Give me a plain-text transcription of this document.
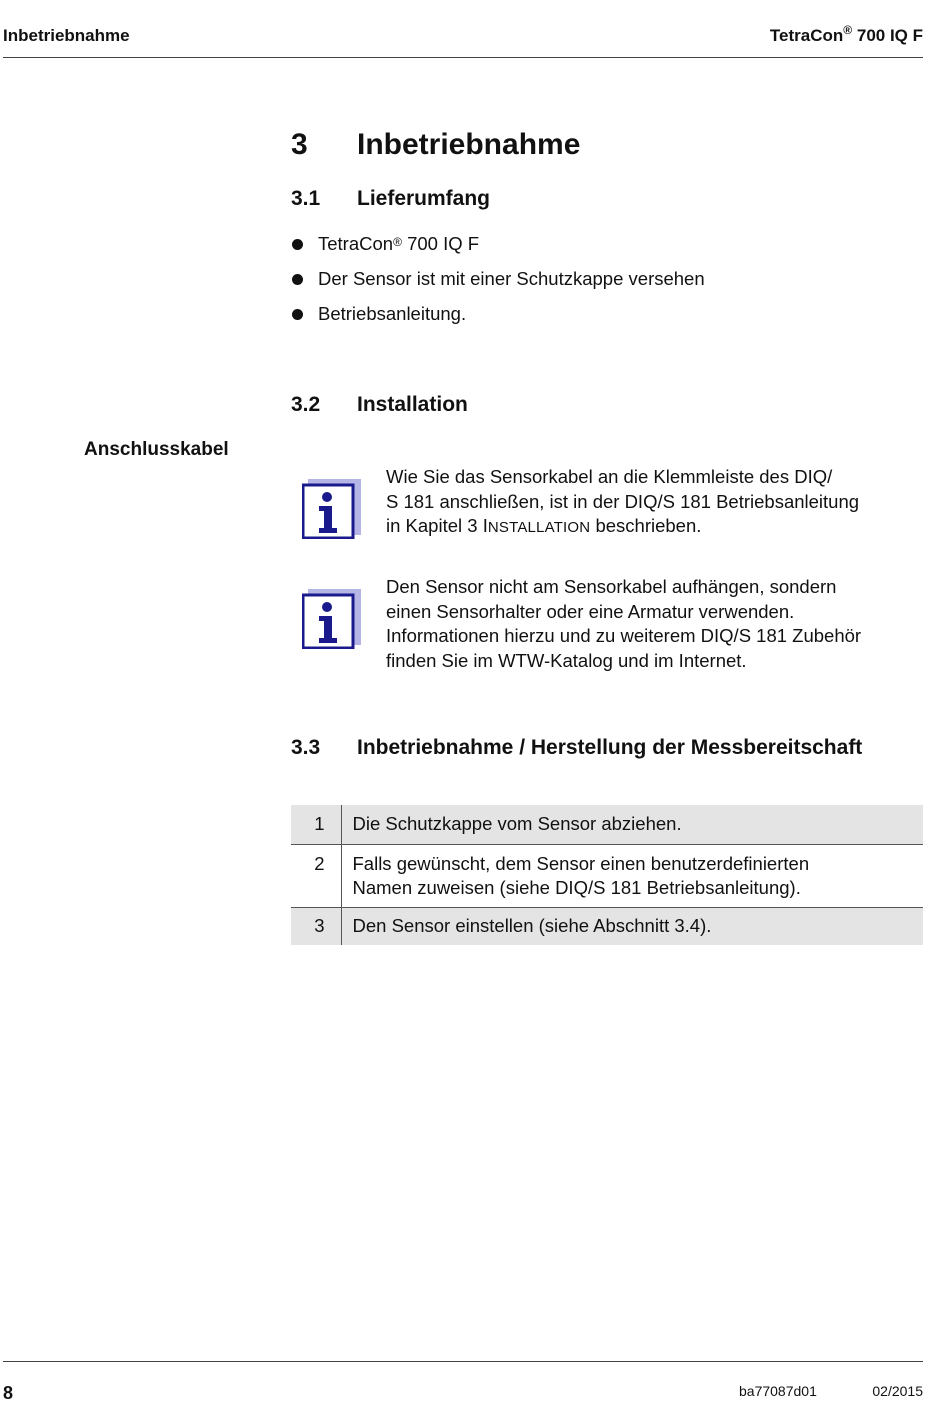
Inbetriebnahme	TetraCon® 700 IQ F
3 Inbetriebnahme
3.1 Lieferumfang
TetraCon® 700 IQ F
Der Sensor ist mit einer Schutzkappe versehen
Betriebsanleitung.
3.2 Installation
Anschlusskabel
Wie Sie das Sensorkabel an die Klemmleiste des DIQ/
S 181 anschließen, ist in der DIQ/S 181 Betriebsanleitung
in Kapitel 3 INSTALLATION beschrieben.
Den Sensor nicht am Sensorkabel aufhängen, sondern
einen Sensorhalter oder eine Armatur verwenden.
Informationen hierzu und zu weiterem DIQ/S 181 Zubehör
finden Sie im WTW-Katalog und im Internet.
3.3 Inbetriebnahme / Herstellung der Messbereitschaft
1	Die Schutzkappe vom Sensor abziehen.

2	Falls gewünscht, dem Sensor einen benutzerdefinierten
Namen zuweisen (siehe DIQ/S 181 Betriebsanleitung).

3	Den Sensor einstellen (siehe Abschnitt 3.4).
8	ba77087d01	02/2015
